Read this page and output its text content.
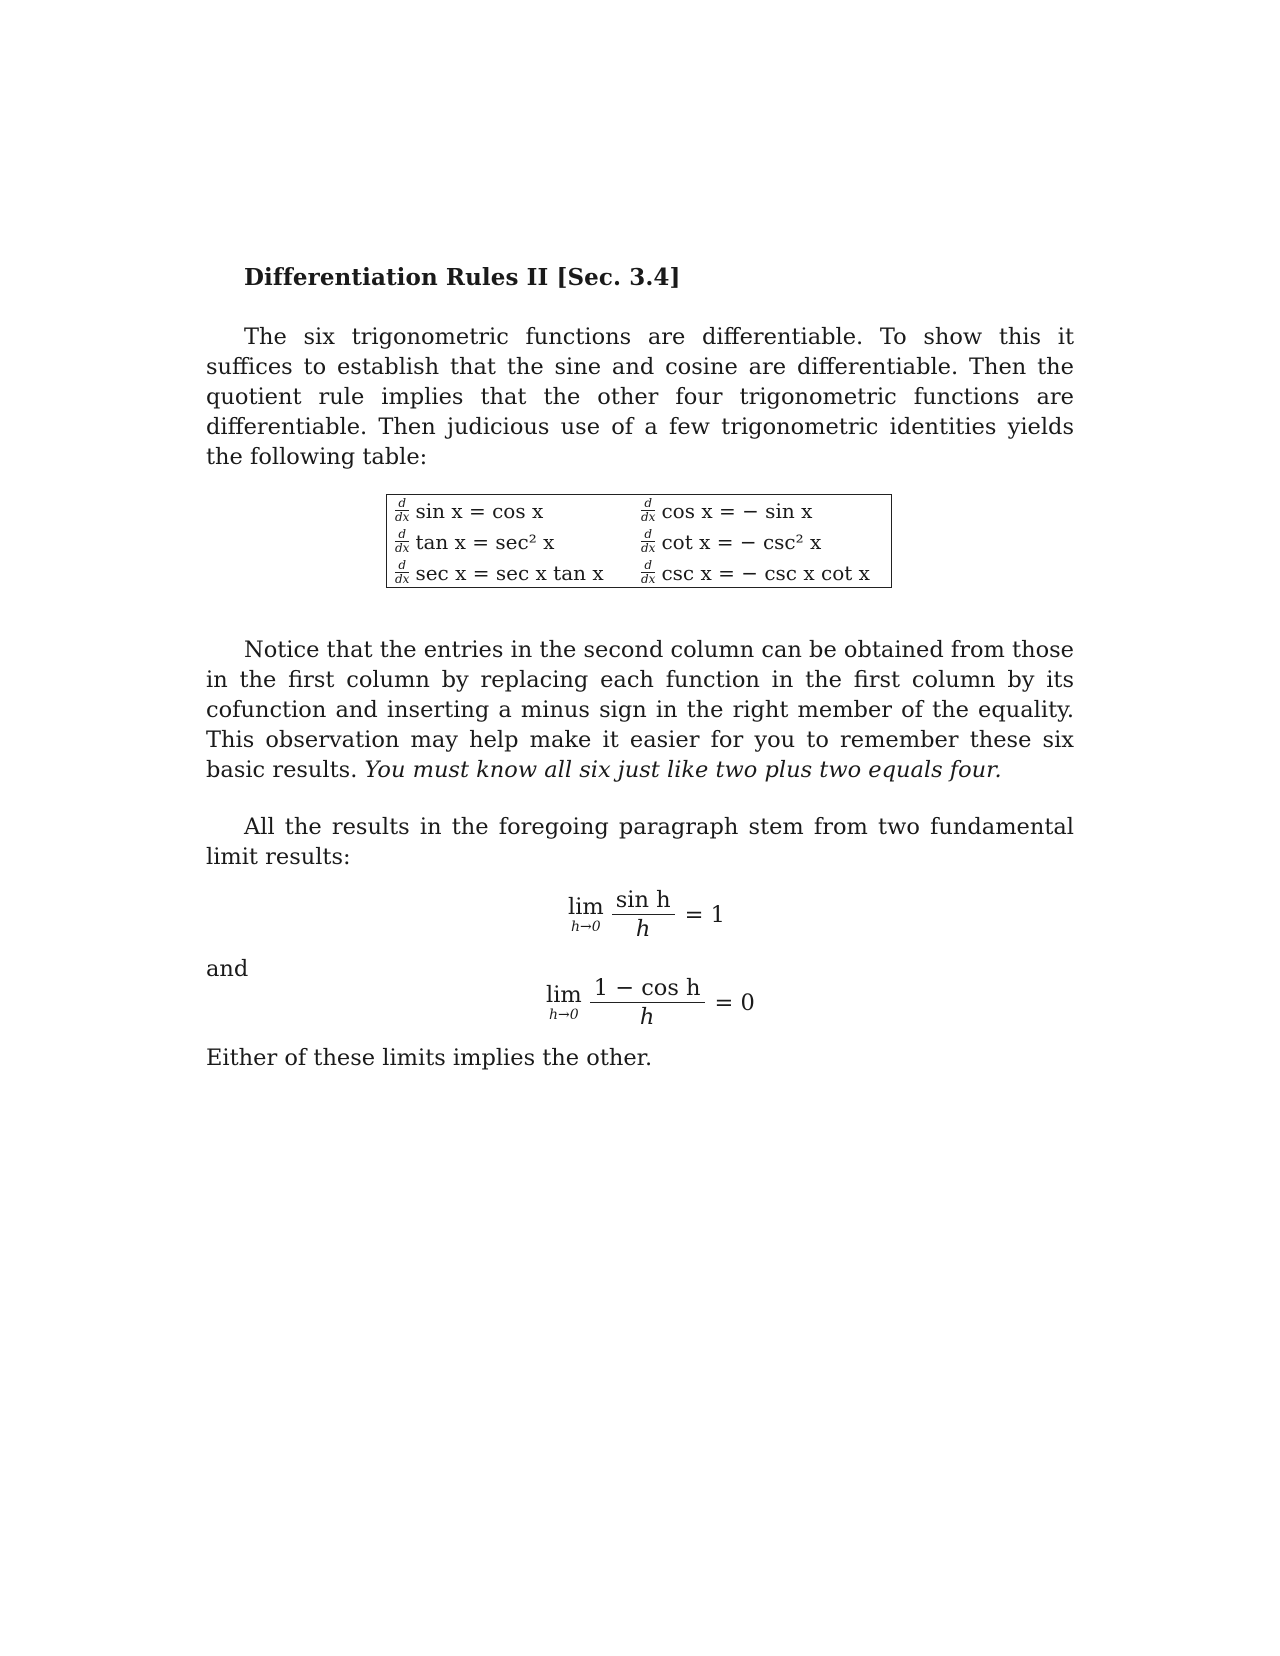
Differentiation Rules II [Sec. 3.4]

The six trigonometric functions are differentiable. To show this it suffices to establish that the sine and cosine are differentiable. Then the quotient rule implies that the other four trigonometric functions are differentiable. Then judicious use of a few trigonometric identities yields the following table:

$\frac{d}{dx}$ sin x = cos x	$\frac{d}{dx}$ cos x = − sin x
$\frac{d}{dx}$ tan x = sec² x	$\frac{d}{dx}$ cot x = − csc² x
$\frac{d}{dx}$ sec x = sec x tan x	$\frac{d}{dx}$ csc x = − csc x cot x

Notice that the entries in the second column can be obtained from those in the first column by replacing each function in the first column by its cofunction and inserting a minus sign in the right member of the equality. This observation may help make it easier for you to remember these six basic results. You must know all six just like two plus two equals four.

All the results in the foregoing paragraph stem from two fundamental limit results:

lim
$h\to 0 \frac{\text{sin h}}{h} = 1$
and
lim
$h\to 0 \frac{\text{1 − cos h}}{h} = 0$
Either of these limits implies the other.
